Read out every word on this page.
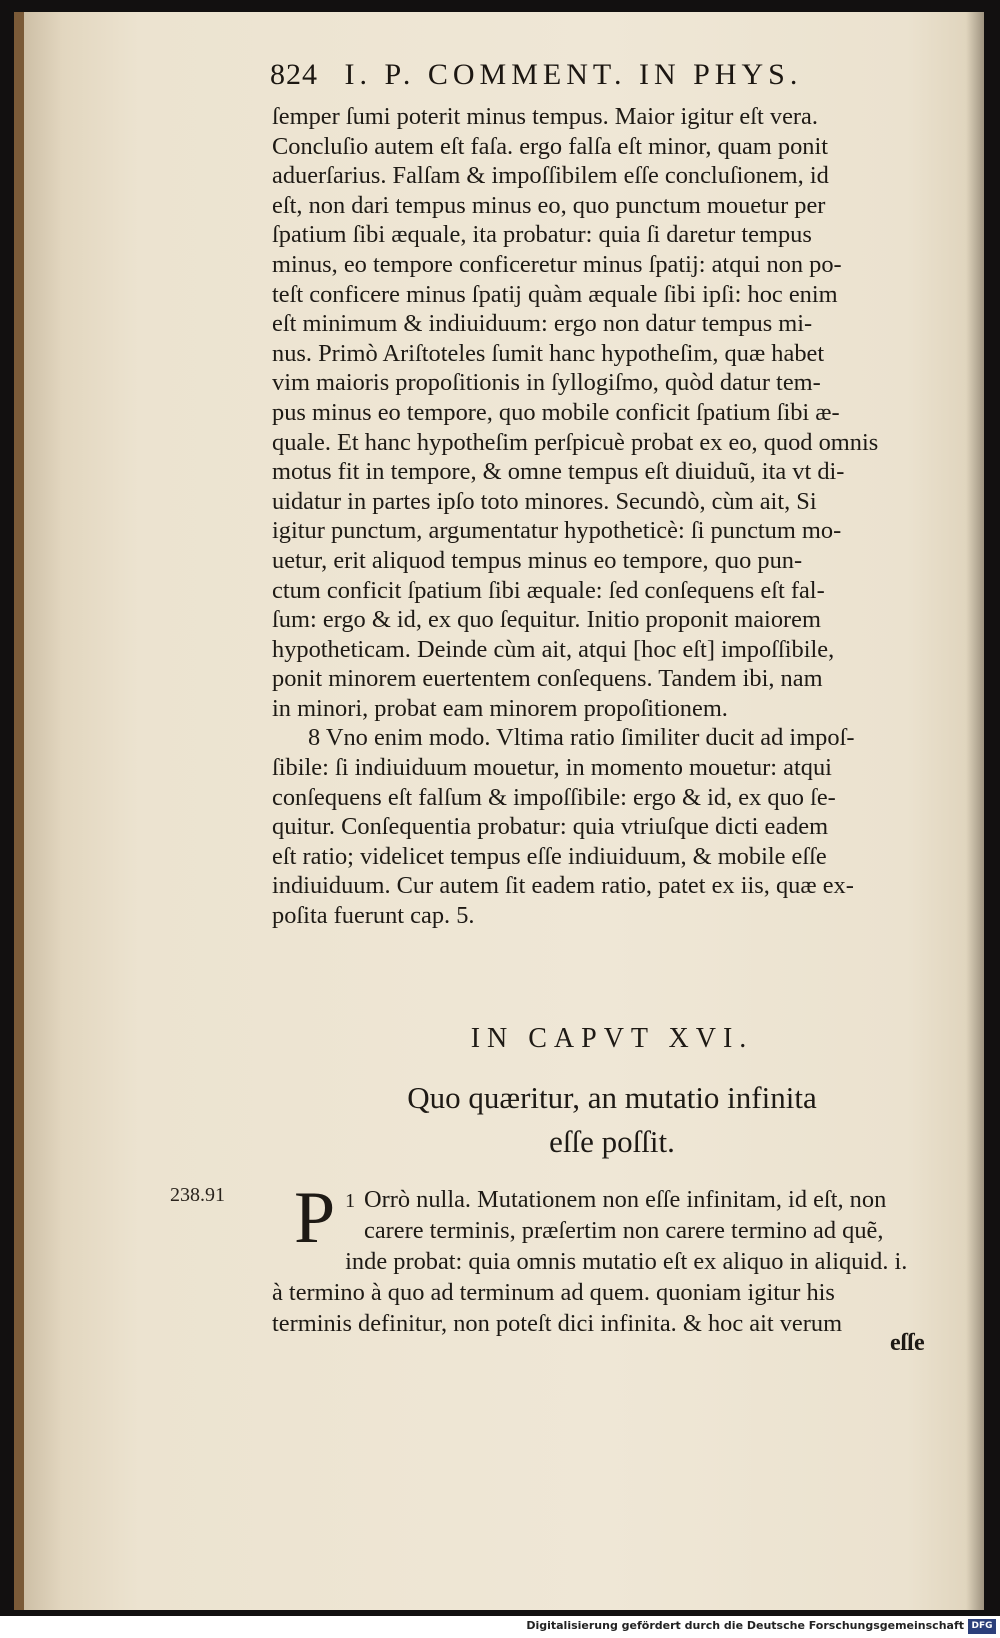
824 I. P. COMMENT. IN PHYS.
ſemper ſumi poterit minus tempus. Maior igitur eſt vera.
Concluſio autem eſt faſa. ergo falſa eſt minor, quam ponit
aduerſarius. Falſam & impoſſibilem eſſe concluſionem, id
eſt, non dari tempus minus eo, quo punctum mouetur per
ſpatium ſibi æquale, ita probatur: quia ſi daretur tempus
minus, eo tempore conficeretur minus ſpatij: atqui non po-
teſt conficere minus ſpatij quàm æquale ſibi ipſi: hoc enim
eſt minimum & indiuiduum: ergo non datur tempus mi-
nus. Primò Ariſtoteles ſumit hanc hypotheſim, quæ habet
vim maioris propoſitionis in ſyllogiſmo, quòd datur tem-
pus minus eo tempore, quo mobile conficit ſpatium ſibi æ-
quale. Et hanc hypotheſim perſpicuè probat ex eo, quod omnis
motus fit in tempore, & omne tempus eſt diuiduũ, ita vt di-
uidatur in partes ipſo toto minores. Secundò, cùm ait, Si
igitur punctum, argumentatur hypotheticè: ſi punctum mo-
uetur, erit aliquod tempus minus eo tempore, quo pun-
ctum conficit ſpatium ſibi æquale: ſed conſequens eſt fal-
ſum: ergo & id, ex quo ſequitur. Initio proponit maiorem
hypotheticam. Deinde cùm ait, atqui [hoc eſt] impoſſibile,
ponit minorem euertentem conſequens. Tandem ibi, nam
in minori, probat eam minorem propoſitionem.
8 Vno enim modo. Vltima ratio ſimiliter ducit ad impoſ-
ſibile: ſi indiuiduum mouetur, in momento mouetur: atqui
conſequens eſt falſum & impoſſibile: ergo & id, ex quo ſe-
quitur. Conſequentia probatur: quia vtriuſque dicti eadem
eſt ratio; videlicet tempus eſſe indiuiduum, & mobile eſſe
indiuiduum. Cur autem ſit eadem ratio, patet ex iis, quæ ex-
poſita fuerunt cap. 5.
IN CAPVT XVI.
Quo quæritur, an mutatio infinita
eſſe poſſit.
238.91 P 1 Orrò nulla. Mutationem non eſſe infinitam, id eſt, non
carere terminis, præſertim non carere termino ad quẽ,
inde probat: quia omnis mutatio eſt ex aliquo in aliquid. i.
à termino à quo ad terminum ad quem. quoniam igitur his
terminis definitur, non poteſt dici infinita. & hoc ait verum
eſſe
Digitalisierung gefördert durch die Deutsche Forschungsgemeinschaft DFG
